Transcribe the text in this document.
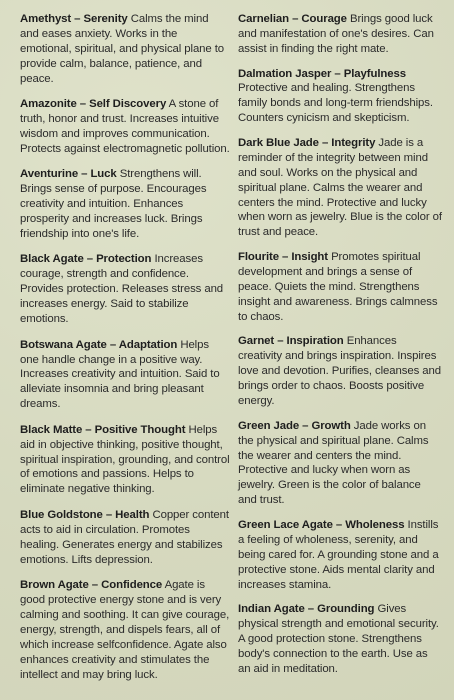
Amethyst – Serenity Calms the mind and eases anxiety. Works in the emotional, spiritual, and physical plane to provide calm, balance, patience, and peace.

Amazonite – Self Discovery A stone of truth, honor and trust. Increases intuitive wisdom and improves communication. Protects against electromagnetic pollution.

Aventurine – Luck Strengthens will. Brings sense of purpose. Encourages creativity and intuition. Enhances prosperity and increases luck. Brings friendship into one's life.

Black Agate – Protection Increases courage, strength and confidence. Provides protection. Releases stress and increases energy. Said to stabilize emotions.

Botswana Agate – Adaptation Helps one handle change in a positive way. Increases creativity and intuition. Said to alleviate insomnia and bring pleasant dreams.

Black Matte – Positive Thought Helps aid in objective thinking, positive thought, spiritual inspiration, grounding, and control of emotions and passions. Helps to eliminate negative thinking.

Blue Goldstone – Health Copper content acts to aid in circulation. Promotes healing. Generates energy and stabilizes emotions. Lifts depression.

Brown Agate – Confidence Agate is good protective energy stone and is very calming and soothing. It can give courage, energy, strength, and dispels fears, all of which increase selfconfidence. Agate also enhances creativity and stimulates the intellect and may bring luck.

Carnelian – Courage Brings good luck and manifestation of one's desires. Can assist in finding the right mate.

Dalmation Jasper – Playfulness Protective and healing. Strengthens family bonds and long-term friendships. Counters cynicism and skepticism.

Dark Blue Jade – Integrity Jade is a reminder of the integrity between mind and soul. Works on the physical and spiritual plane. Calms the wearer and centers the mind. Protective and lucky when worn as jewelry. Blue is the color of trust and peace.

Flourite – Insight Promotes spiritual development and brings a sense of peace. Quiets the mind. Strengthens insight and awareness. Brings calmness to chaos.

Garnet – Inspiration Enhances creativity and brings inspiration. Inspires love and devotion. Purifies, cleanses and brings order to chaos. Boosts positive energy.

Green Jade – Growth Jade works on the physical and spiritual plane. Calms the wearer and centers the mind. Protective and lucky when worn as jewelry. Green is the color of balance and trust.

Green Lace Agate – Wholeness Instills a feeling of wholeness, serenity, and being cared for. A grounding stone and a protective stone. Aids mental clarity and increases stamina.

Indian Agate – Grounding Gives physical strength and emotional security. A good protection stone. Strengthens body's connection to the earth. Use as an aid in meditation.
